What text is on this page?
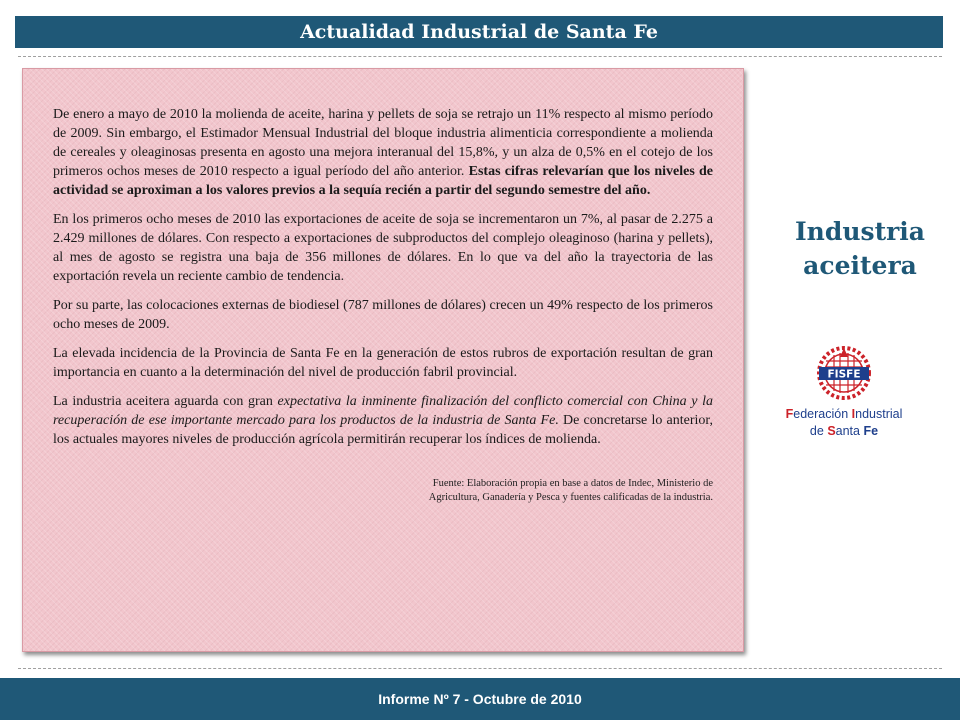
Actualidad Industrial de Santa Fe

De enero a mayo de 2010 la molienda de aceite, harina y pellets de soja se retrajo un 11% respecto al mismo período de 2009. Sin embargo, el Estimador Mensual Industrial del bloque industria alimenticia correspondiente a molienda de cereales y oleaginosas presenta en agosto una mejora interanual del 15,8%, y un alza de 0,5% en el cotejo de los primeros ochos meses de 2010 respecto a igual período del año anterior. Estas cifras relevarían que los niveles de actividad se aproximan a los valores previos a la sequía recién a partir del segundo semestre del año.

En los primeros ocho meses de 2010 las exportaciones de aceite de soja se incrementaron un 7%, al pasar de 2.275 a 2.429 millones de dólares. Con respecto a exportaciones de subproductos del complejo oleaginoso (harina y pellets), al mes de agosto se registra una baja de 356 millones de dólares. En lo que va del año la trayectoria de las exportación revela un reciente cambio de tendencia.

Por su parte, las colocaciones externas de biodiesel (787 millones de dólares) crecen un 49% respecto de los primeros ocho meses de 2009.

La elevada incidencia de la Provincia de Santa Fe en la generación de estos rubros de exportación resultan de gran importancia en cuanto a la determinación del nivel de producción fabril provincial.

La industria aceitera aguarda con gran expectativa la inminente finalización del conflicto comercial con China y la recuperación de ese importante mercado para los productos de la industria de Santa Fe. De concretarse lo anterior, los actuales mayores niveles de producción agrícola permitirán recuperar los índices de molienda.

Fuente: Elaboración propia en base a datos de Indec, Ministerio de
Agricultura, Ganadería y Pesca y fuentes calificadas de la industria.
Industria
aceitera
FISFE
Federación Industrial
de Santa Fe
Informe Nº 7 - Octubre de 2010
